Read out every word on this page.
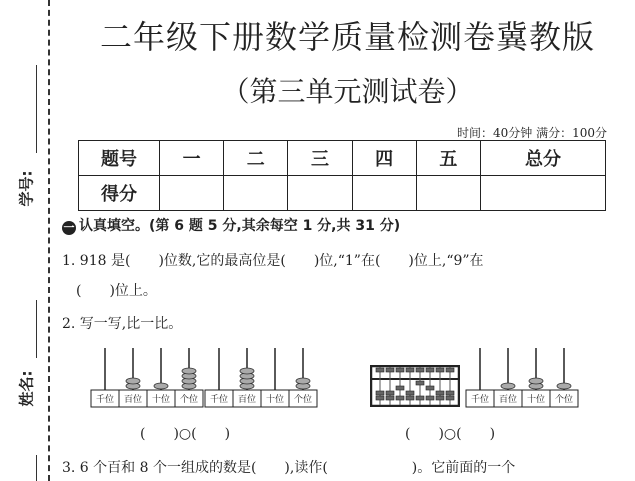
学号:
姓名:
二年级下册数学质量检测卷冀教版
（第三单元测试卷）
时间：40分钟 满分：100分
题号	一	二	三	四	五	总分
得分						
一 认真填空。(第 6 题 5 分,其余每空 1 分,共 31 分)
1. 918 是(　　)位数,它的最高位是(　　)位,“1”在(　　)位上,“9”在
(　　)位上。
2. 写一写,比一比。
千位 百位 十位 个位 千位 百位 十位 个位	千位 百位 十位 个位
(　　)○(　　)	(　　)○(　　)
3. 6 个百和 8 个一组成的数是(　　),读作(　　　　　　)。它前面的一个
